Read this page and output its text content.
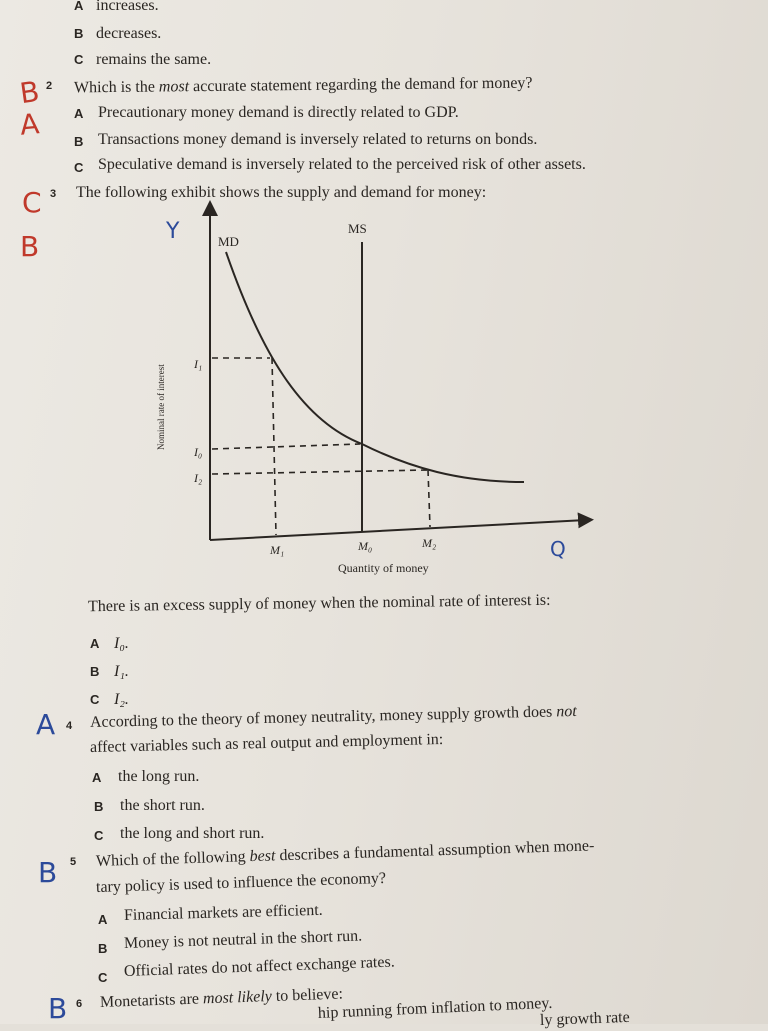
A increases.
B decreases.
C remains the same.
B
A
2 Which is the most accurate statement regarding the demand for money?
A Precautionary money demand is directly related to GDP.
B Transactions money demand is inversely related to returns on bonds.
C Speculative demand is inversely related to the perceived risk of other assets.
C
B
3 The following exhibit shows the supply and demand for money:
MD
MS
I₁
I₀
I₂
M₁	M₀	M₂
Quantity of money
Nominal rate of interest
Y
Q
There is an excess supply of money when the nominal rate of interest is:
A I₀.
B I₁.
C I₂.
A 4 According to the theory of money neutrality, money supply growth does not
affect variables such as real output and employment in:
A the long run.
B the short run.
C the long and short run.
B 5 Which of the following best describes a fundamental assumption when mone-
tary policy is used to influence the economy?
A Financial markets are efficient.
B Money is not neutral in the short run.
C Official rates do not affect exchange rates.
B 6 Monetarists are most likely to believe:
hip running from inflation to money.
ly growth rate
